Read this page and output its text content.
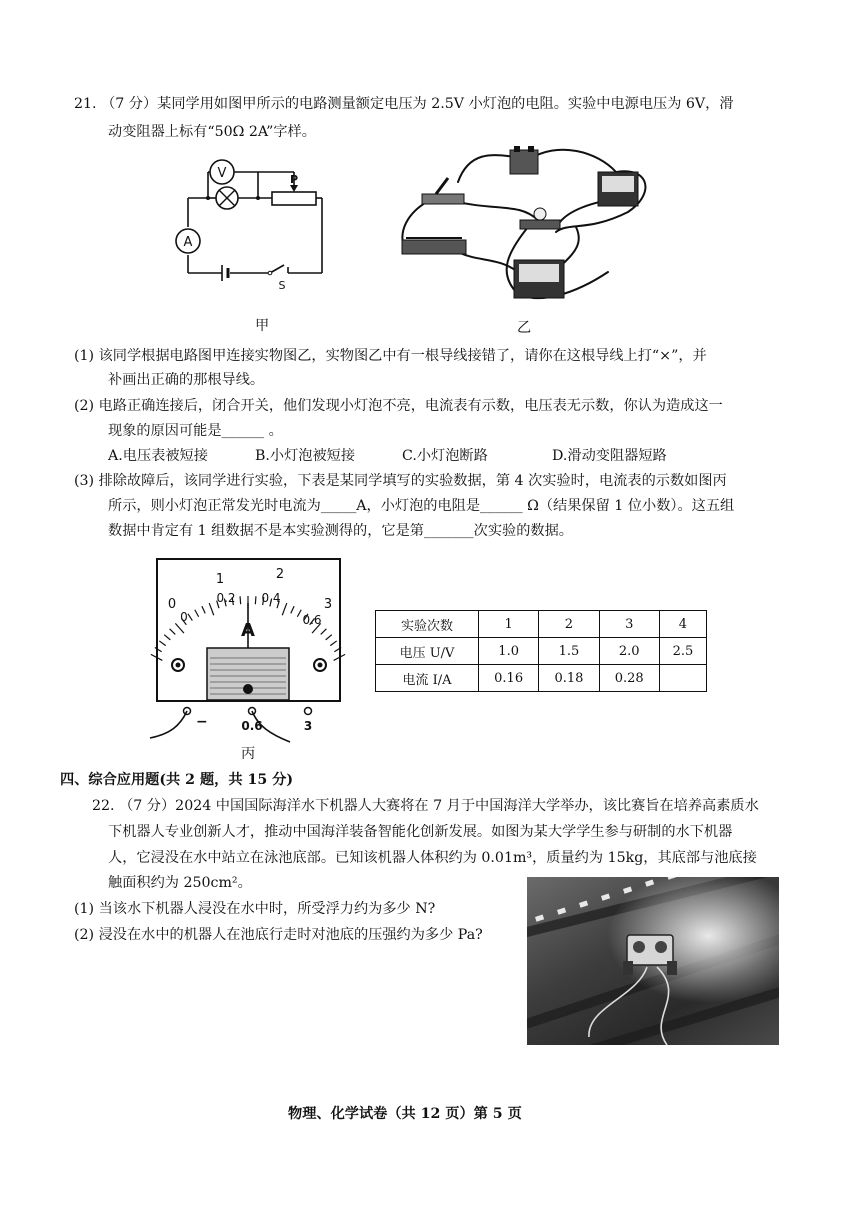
21. （7 分）某同学用如图甲所示的电路测量额定电压为 2.5V 小灯泡的电阻。实验中电源电压为 6V，滑
动变阻器上标有“50Ω 2A”字样。
V
A
P
S
甲	乙
(1) 该同学根据电路图甲连接实物图乙，实物图乙中有一根导线接错了，请你在这根导线上打“×”，并
补画出正确的那根导线。
(2) 电路正确连接后，闭合开关，他们发现小灯泡不亮，电流表有示数，电压表无示数，你认为造成这一
现象的原因可能是______ 。
A.电压表被短接	B.小灯泡被短接	C.小灯泡断路	D.滑动变阻器短路
(3) 排除故障后，该同学进行实验，下表是某同学填写的实验数据，第 4 次实验时，电流表的示数如图丙
所示，则小灯泡正常发光时电流为_____A，小灯泡的电阻是______ Ω（结果保留 1 位小数）。这五组
数据中肯定有 1 组数据不是本实验测得的，它是第_______次实验的数据。
1	2
3
0
0
0.2 0.4
0.6
A
−	0.6	3
丙
实验次数	1	2	3	4
电压 U/V	1.0	1.5	2.0	2.5
电流 I/A	0.16	0.18	0.28	
四、综合应用题(共 2 题，共 15 分)
22. （7 分）2024 中国国际海洋水下机器人大赛将在 7 月于中国海洋大学举办，该比赛旨在培养高素质水
下机器人专业创新人才，推动中国海洋装备智能化创新发展。如图为某大学学生参与研制的水下机器
人，它浸没在水中站立在泳池底部。已知该机器人体积约为 0.01m³，质量约为 15kg，其底部与池底接
触面积约为 250cm²。
(1) 当该水下机器人浸没在水中时，所受浮力约为多少 N?
(2) 浸没在水中的机器人在池底行走时对池底的压强约为多少 Pa?
物理、化学试卷（共 12 页）第 5 页
